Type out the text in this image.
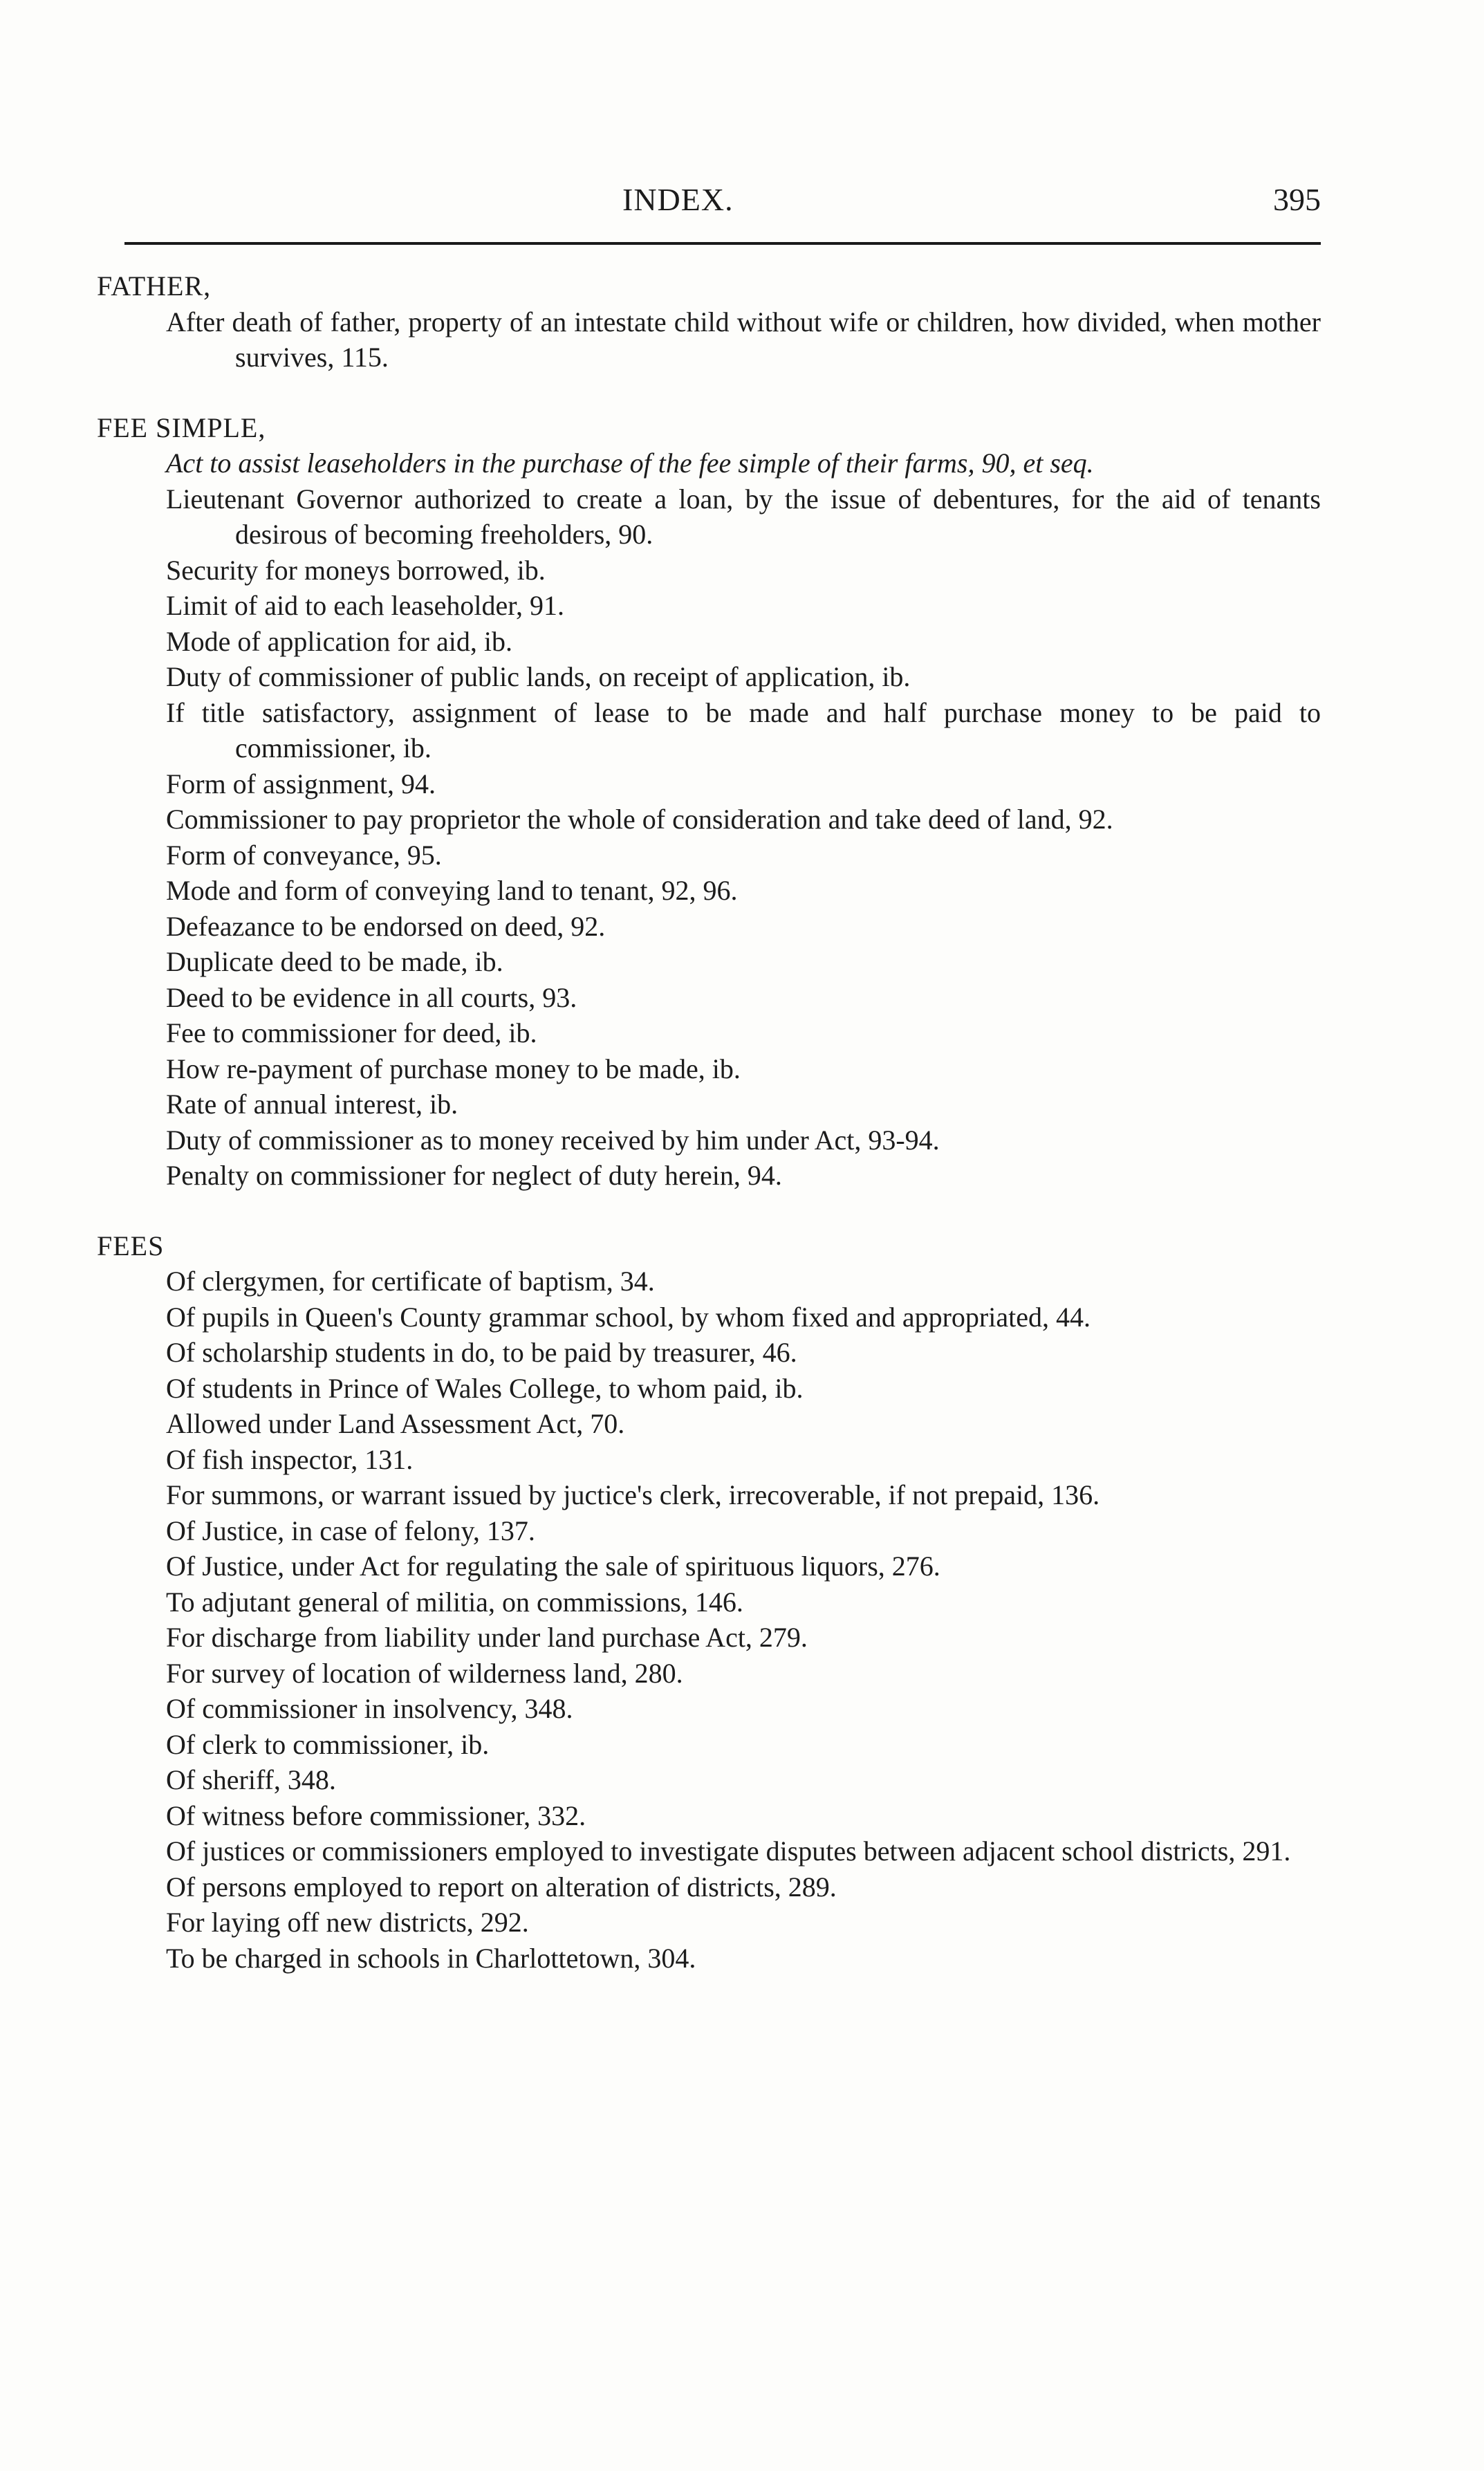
INDEX.	395

FATHER,

After death of father, property of an intestate child without wife or children, how divided, when mother survives, 115.

FEE SIMPLE,

Act to assist leaseholders in the purchase of the fee simple of their farms, 90, et seq.
Lieutenant Governor authorized to create a loan, by the issue of debentures, for the aid of tenants desirous of becoming freeholders, 90.
Security for moneys borrowed, ib.
Limit of aid to each leaseholder, 91.
Mode of application for aid, ib.
Duty of commissioner of public lands, on receipt of application, ib.
If title satisfactory, assignment of lease to be made and half purchase money to be paid to commissioner, ib.
Form of assignment, 94.
Commissioner to pay proprietor the whole of consideration and take deed of land, 92.
Form of conveyance, 95.
Mode and form of conveying land to tenant, 92, 96.
Defeazance to be endorsed on deed, 92.
Duplicate deed to be made, ib.
Deed to be evidence in all courts, 93.
Fee to commissioner for deed, ib.
How re-payment of purchase money to be made, ib.
Rate of annual interest, ib.
Duty of commissioner as to money received by him under Act, 93-94.
Penalty on commissioner for neglect of duty herein, 94.

FEES

Of clergymen, for certificate of baptism, 34.
Of pupils in Queen's County grammar school, by whom fixed and appropriated, 44.
Of scholarship students in do, to be paid by treasurer, 46.
Of students in Prince of Wales College, to whom paid, ib.
Allowed under Land Assessment Act, 70.
Of fish inspector, 131.
For summons, or warrant issued by juctice's clerk, irrecoverable, if not prepaid, 136.
Of Justice, in case of felony, 137.
Of Justice, under Act for regulating the sale of spirituous liquors, 276.
To adjutant general of militia, on commissions, 146.
For discharge from liability under land purchase Act, 279.
For survey of location of wilderness land, 280.
Of commissioner in insolvency, 348.
Of clerk to commissioner, ib.
Of sheriff, 348.
Of witness before commissioner, 332.
Of justices or commissioners employed to investigate disputes between adjacent school districts, 291.
Of persons employed to report on alteration of districts, 289.
For laying off new districts, 292.
To be charged in schools in Charlottetown, 304.
